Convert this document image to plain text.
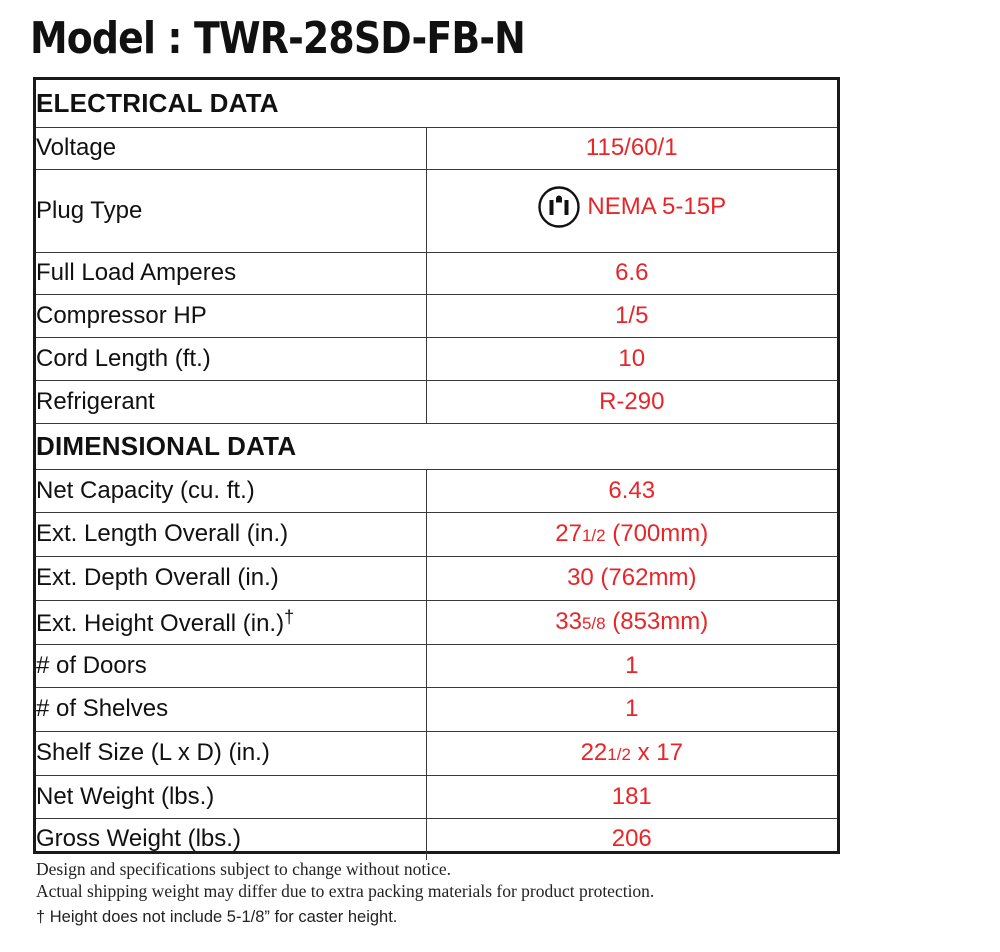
Model : TWR-28SD-FB-N
ELECTRICAL DATA	
Voltage	115/60/1
Plug Type	NEMA 5-15P

Full Load Amperes	6.6
Compressor HP	1/5
Cord Length (ft.)	10
Refrigerant	R-290
DIMENSIONAL DATA	
Net Capacity (cu. ft.)	6.43
Ext. Length Overall (in.)	271/2 (700mm)
Ext. Depth Overall (in.)	30 (762mm)
Ext. Height Overall (in.)†	335/8 (853mm)
# of Doors	1
# of Shelves	1
Shelf Size (L x D) (in.)	221/2 x 17
Net Weight (lbs.)	181
Gross Weight (lbs.)	206
Design and specifications subject to change without notice.
Actual shipping weight may differ due to extra packing materials for product protection.
† Height does not include 5-1/8” for caster height.
